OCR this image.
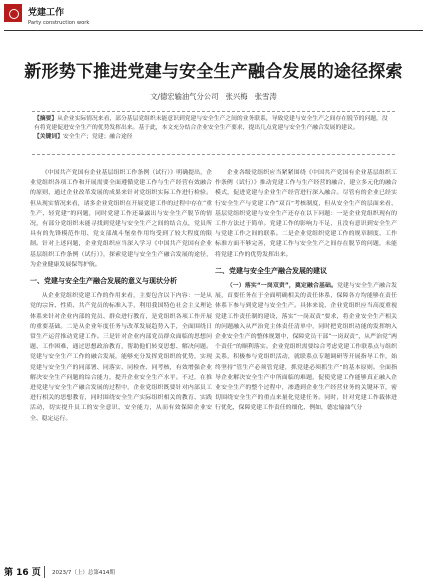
党建工作
Party construction work
新形势下推进党建与安全生产融合发展的途径探索
文/德宏输油气分公司　张兴梅　张雪涛
【摘要】从企业实际情况来看，部分基层党组织未能意识到党建与安全生产之间的业务联系，导致党建与安全生产之间存在脱节的问题，没有将党建促进安全生产的优势发挥出来。基于此，本文充分结合企业安全生产要求，提出几点党建与安全生产融合发展的建议。
【关键词】安全生产；党建；融合途径

《中国共产党国有企业基层组织工作条例（试行）》明确提出，企业党组织各项工作和开展需要全面遵循党建工作与生产经营有效融合的原则，通过企业改革发展的成果来针对党组织实际工作进行检验。但从现实情况来看，诸多企业党组织在开展党建工作的过程中存在“重生产、轻党建”的问题，同时党建工作还暴露出与安全生产脱节的情况，有部分党组织未能寻找到党建与安全生产之间的结合点，党员所具有的先锋模范作用、党支部战斗堡垒作用均受到了较大程度的限制。针对上述问题，企业党组织应当深入学习《中国共产党国有企业基层组织工作条例（试行）》，探索党建与安全生产融合发展的途径，为企业健康发展保驾护航。

一、党建与安全生产融合发展的意义与现状分析

从企业党组织党建工作的作用来看，主要包含以下内容：一是从党的宗旨、性质、共产党员的标准入手，利用我国特色社会主义理论体系来针对企业内部的党员、群众进行教育，是党组织各项工作开展的重要基础。二是从企业年度任务与改革发展趋势入手，全面围绕日常生产运营推动党建工作。三是针对企业内部党员群众面临的思想问题、工作困难，通过思想政治教育，帮助他们转变思想、解决问题。党建与安全生产工作的融合发展，能够充分发挥党组织的优势，实现党建与安全生产的同部署、同落实、同检查、同考核，有效增强企业解决安全生产问题的综合能力，提升企业安全生产水平。不过，在推进党建与安全生产融合发展的过程中，企业党组织既要针对内部员工进行相关的思想教育，同时围绕安全生产实际组织相关的教育、实践活动，切实提升员工的安全意识、安全能力，从而有效保障企业安全、稳定运行。

企业各级党组织应当紧紧围绕《中国共产党国有企业基层组织工作条例（试行）》推动党建工作与生产经营的融合，建立多元化的融合模式，促进党建与企业生产经营进行深入融合。尽管有的企业已经实行安全生产与党建工作“双百”考核制度，但从安全生产的层面来看，基层党组织党建与安全生产还存在以下问题：一是企业党组织现有的工作方法过于简单。党建工作的影响力不足，且没有意识到安全生产与党建工作之间的联系。二是企业党组织党建工作的规章制度、工作标准方面不够完善，党建工作与安全生产之间存在脱节的问题，未能将党建工作的优势发挥出来。

二、党建与安全生产融合发展的建议

（一）落实“一岗双责”，奠定融合基础。党建与安全生产融合发展，首要任务在于全面明确相关的责任体系，保障各方均能够在责任体系下参与到党建与安全生产。具体来说，企业党组织应当高度重视党建工作责任制的建设，落实“一岗双责”要求，将企业安全生产相关的问题融入从严治党主体责任清单中，同时把党组织功能的发挥纳入企业安全生产的整体规划中，保障党员干部“一岗双责”，从严治党“两个责任”的顺利落实。企业党组织需要综合考虑党建工作联系点与组织关系，积极参与党组织活动，就联系点专题调研等开展指导工作，始终坚持“管生产必须管党建，抓党建必须抓生产”的基本原则。全面指导企业解决安全生产中所面临的难题，促使党建工作能够真正融入企业安全生产的整个过程中，渗透到企业生产经营业务的关键环节，密切围绕安全生产的重点来量化党建任务。同时，针对党建工作载体进行优化，保障党建工作责任的细化、例如，德宏输油气分

第 16 页 2023/7（上）总第414期
